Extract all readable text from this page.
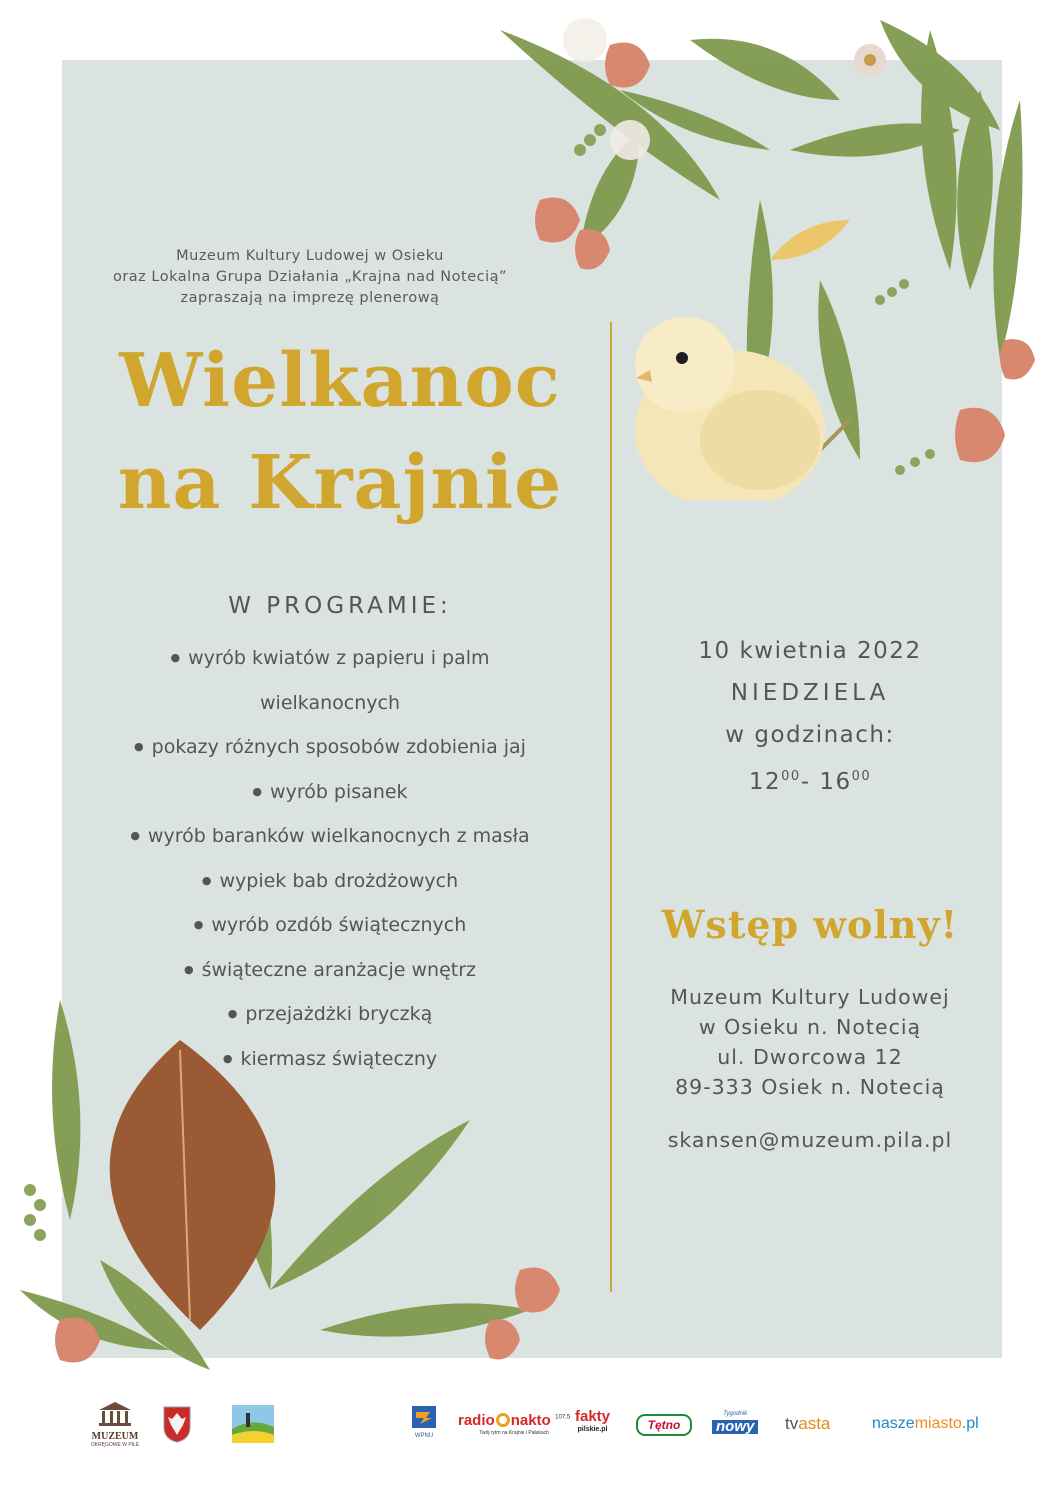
Muzeum Kultury Ludowej w Osieku
oraz Lokalna Grupa Działania „Krajna nad Notecią”
zapraszają na imprezę plenerową
Wielkanoc
na Krajnie
W PROGRAMIE:
● wyrób kwiatów z papieru i palm wielkanocnych
● pokazy różnych sposobów zdobienia jaj
● wyrób pisanek
● wyrób baranków wielkanocnych z masła
● wypiek bab drożdżowych
● wyrób ozdób świątecznych
● świąteczne aranżacje wnętrz
● przejażdżki bryczką
● kiermasz świąteczny
10 kwietnia 2022
NIEDZIELA
w godzinach:
$12^{00}-$ $16^{00}$
Wstęp wolny!
Muzeum Kultury Ludowej
w Osieku n. Notecią
ul. Dworcowa 12
89-333 Osiek n. Notecią
skansen@muzeum.pila.pl
MUZEUM
OKRĘGOWE W PILE
WPNU
radio nakto $^{107,5}$
Twój rytm na Krajnie i Pałukach
fakty
pilskie.pl	Tętno
Tygodnik
nowy tvasta	naszemiasto.pl
